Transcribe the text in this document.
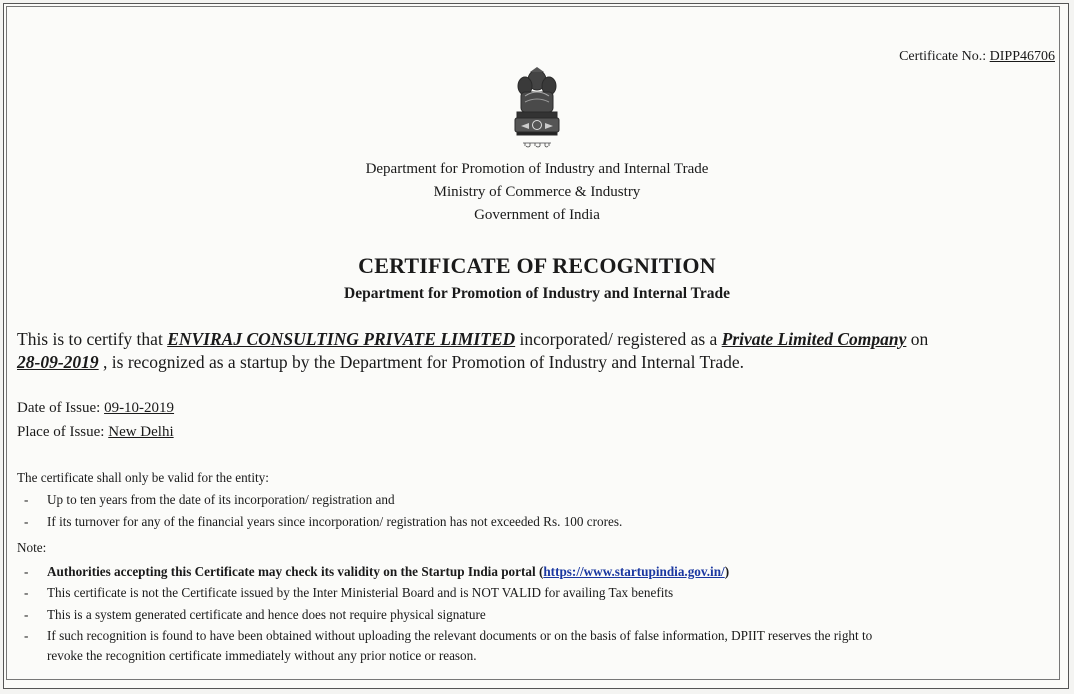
Certificate No.: DIPP46706
Department for Promotion of Industry and Internal Trade
Ministry of Commerce & Industry
Government of India
CERTIFICATE OF RECOGNITION
Department for Promotion of Industry and Internal Trade
This is to certify that ENVIRAJ CONSULTING PRIVATE LIMITED incorporated/ registered as a Private Limited Company on
28-09-2019 , is recognized as a startup by the Department for Promotion of Industry and Internal Trade.
Date of Issue: 09-10-2019
Place of Issue: New Delhi
The certificate shall only be valid for the entity:
- Up to ten years from the date of its incorporation/ registration and
- If its turnover for any of the financial years since incorporation/ registration has not exceeded Rs. 100 crores.
Note:
- Authorities accepting this Certificate may check its validity on the Startup India portal (https://www.startupindia.gov.in/)
- This certificate is not the Certificate issued by the Inter Ministerial Board and is NOT VALID for availing Tax benefits
- This is a system generated certificate and hence does not require physical signature
- If such recognition is found to have been obtained without uploading the relevant documents or on the basis of false information, DPIIT reserves the right to
revoke the recognition certificate immediately without any prior notice or reason.
